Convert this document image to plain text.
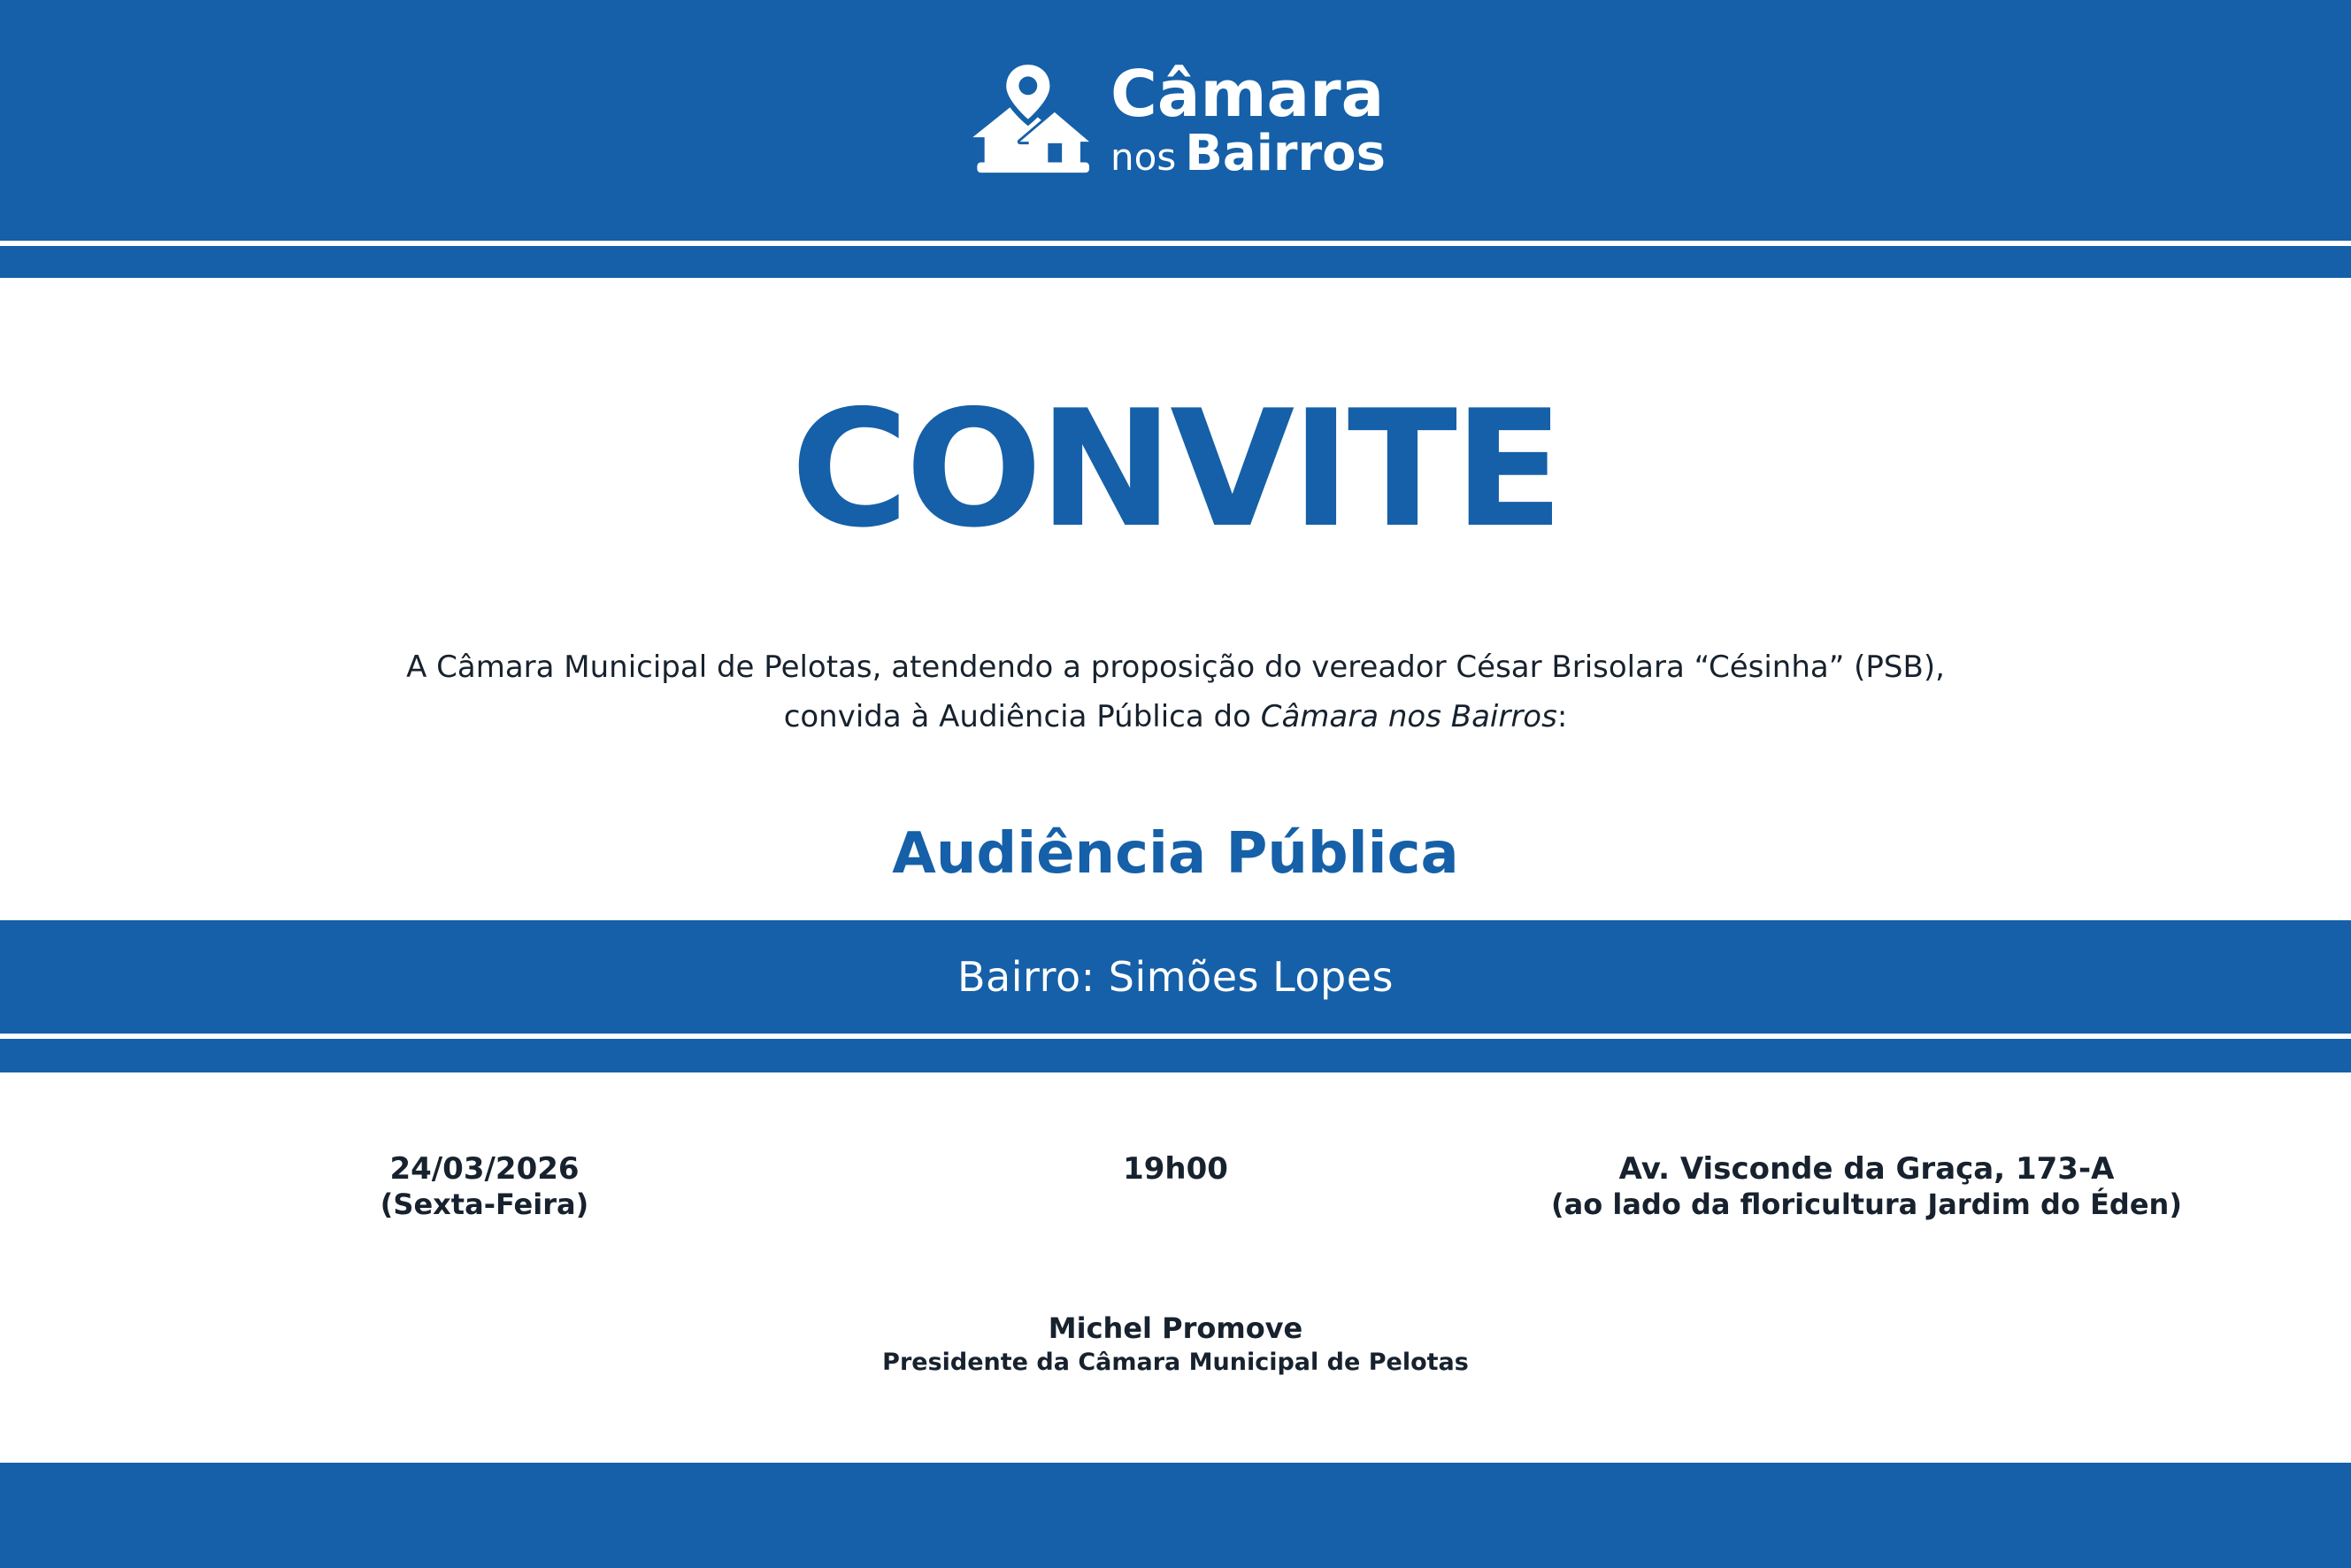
Câmara
nos Bairros
CONVITE

A Câmara Municipal de Pelotas, atendendo a proposição do vereador César Brisolara “Césinha” (PSB),
convida à Audiência Pública do Câmara nos Bairros:

Audiência Pública
Bairro: Simões Lopes
24/03/2026
(Sexta-Feira)
19h00	Av. Visconde da Graça, 173-A
(ao lado da floricultura Jardim do Éden)
Michel Promove
Presidente da Câmara Municipal de Pelotas
